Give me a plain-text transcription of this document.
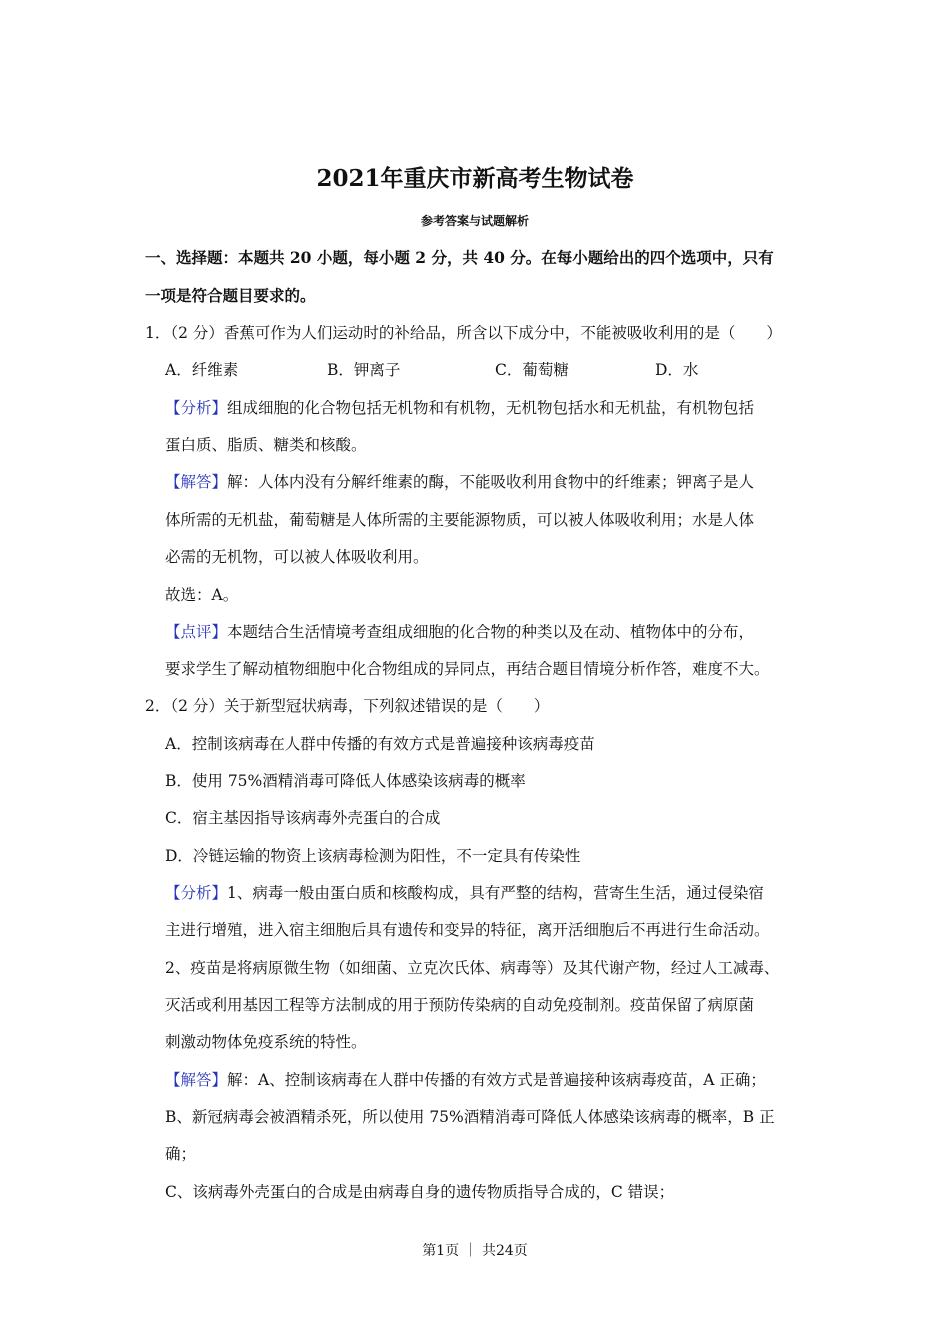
2021年重庆市新高考生物试卷
参考答案与试题解析
一、选择题：本题共 20 小题，每小题 2 分，共 40 分。在每小题给出的四个选项中，只有
一项是符合题目要求的。
1．（2 分）香蕉可作为人们运动时的补给品，所含以下成分中，不能被吸收利用的是（　　）
A．纤维素	B．钾离子	C．葡萄糖	D．水
【分析】组成细胞的化合物包括无机物和有机物，无机物包括水和无机盐，有机物包括
蛋白质、脂质、糖类和核酸。
【解答】解：人体内没有分解纤维素的酶，不能吸收利用食物中的纤维素；钾离子是人
体所需的无机盐，葡萄糖是人体所需的主要能源物质，可以被人体吸收利用；水是人体
必需的无机物，可以被人体吸收利用。
故选：A。
【点评】本题结合生活情境考查组成细胞的化合物的种类以及在动、植物体中的分布，
要求学生了解动植物细胞中化合物组成的异同点，再结合题目情境分析作答，难度不大。
2．（2 分）关于新型冠状病毒，下列叙述错误的是（　　）
A．控制该病毒在人群中传播的有效方式是普遍接种该病毒疫苗
B．使用 75%酒精消毒可降低人体感染该病毒的概率
C．宿主基因指导该病毒外壳蛋白的合成
D．冷链运输的物资上该病毒检测为阳性，不一定具有传染性
【分析】1、病毒一般由蛋白质和核酸构成，具有严整的结构，营寄生生活，通过侵染宿
主进行增殖，进入宿主细胞后具有遗传和变异的特征，离开活细胞后不再进行生命活动。
2、疫苗是将病原微生物（如细菌、立克次氏体、病毒等）及其代谢产物，经过人工减毒、
灭活或利用基因工程等方法制成的用于预防传染病的自动免疫制剂。疫苗保留了病原菌
刺激动物体免疫系统的特性。
【解答】解：A、控制该病毒在人群中传播的有效方式是普遍接种该病毒疫苗，A 正确；
B、新冠病毒会被酒精杀死，所以使用 75%酒精消毒可降低人体感染该病毒的概率，B 正
确；
C、该病毒外壳蛋白的合成是由病毒自身的遗传物质指导合成的，C 错误；
第1页 ｜ 共24页
